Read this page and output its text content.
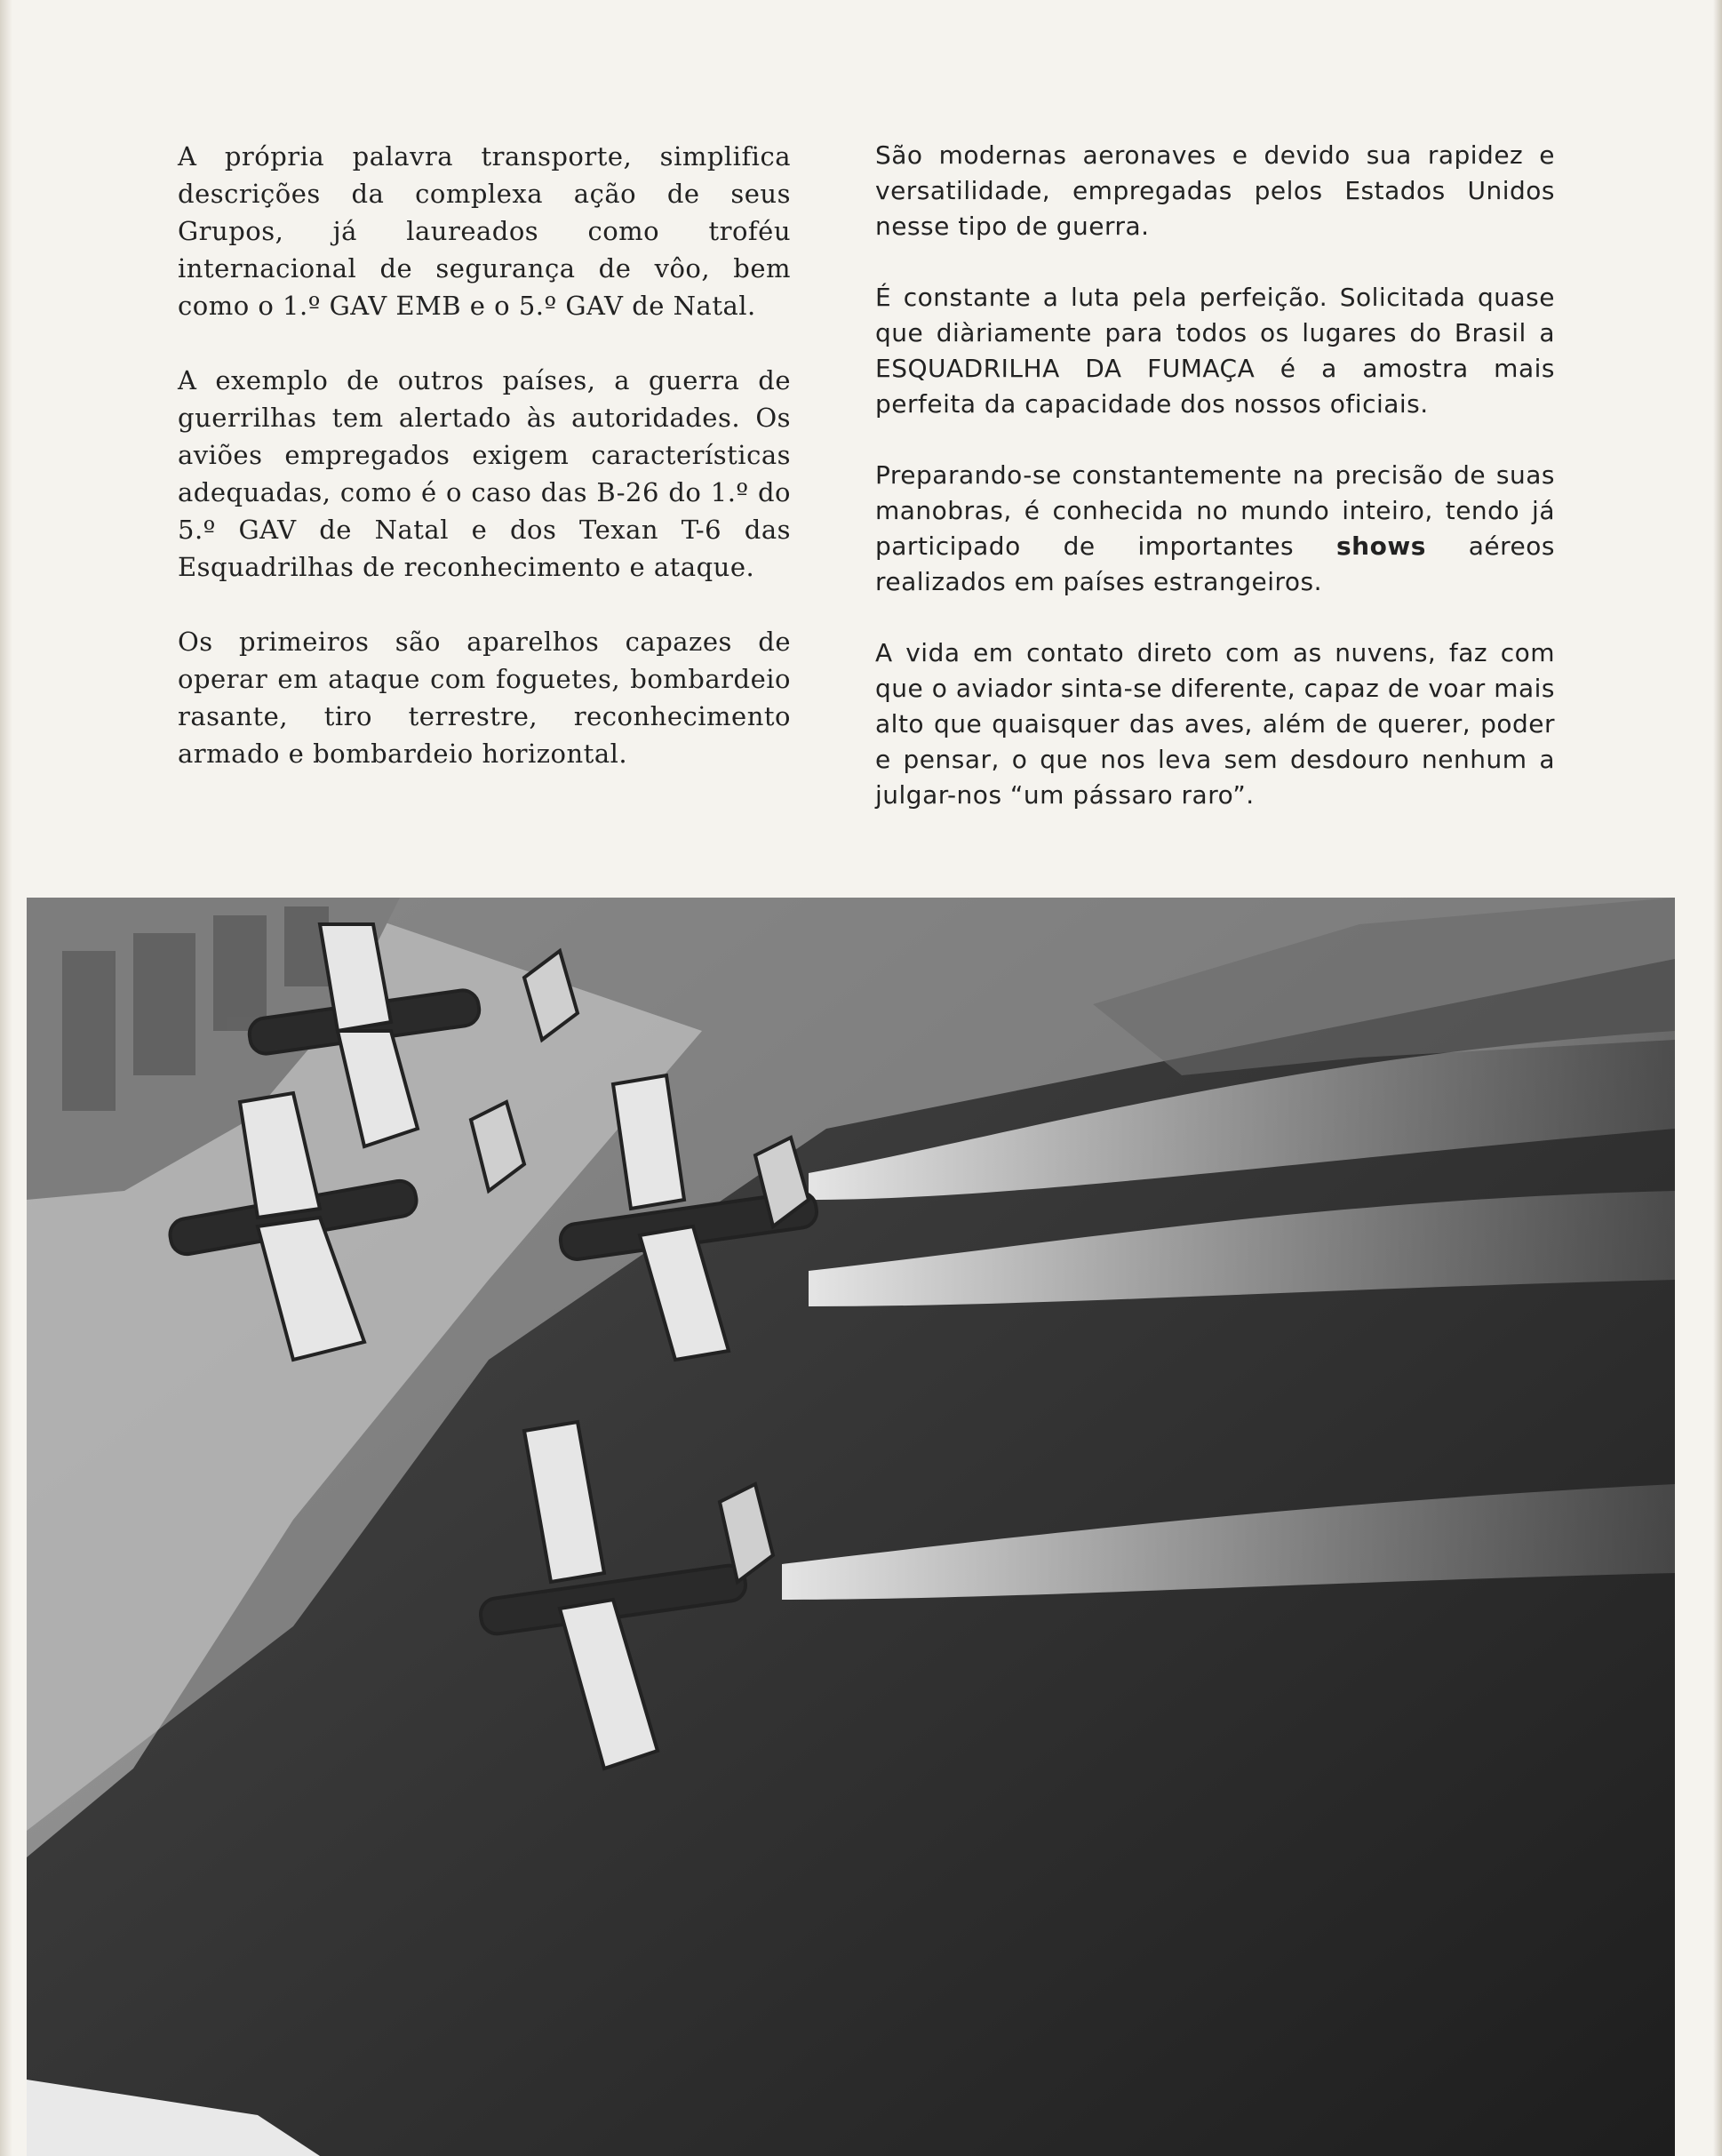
A própria palavra transporte, simplifica descrições da complexa ação de seus Grupos, já laureados como troféu internacional de segurança de vôo, bem como o 1.º GAV EMB e o 5.º GAV de Natal.

A exemplo de outros países, a guerra de guerrilhas tem alertado às autoridades. Os aviões empregados exigem características adequadas, como é o caso das B-26 do 1.º do 5.º GAV de Natal e dos Texan T-6 das Esquadrilhas de reconhecimento e ataque.

Os primeiros são aparelhos capazes de operar em ataque com foguetes, bombardeio rasante, tiro terrestre, reconhecimento armado e bombardeio horizontal.

São modernas aeronaves e devido sua rapidez e versatilidade, empregadas pelos Estados Unidos nesse tipo de guerra.

É constante a luta pela perfeição. Solicitada quase que diàriamente para todos os lugares do Brasil a ESQUADRILHA DA FUMAÇA é a amostra mais perfeita da capacidade dos nossos oficiais.

Preparando-se constantemente na precisão de suas manobras, é conhecida no mundo inteiro, tendo já participado de importantes shows aéreos realizados em países estrangeiros.

A vida em contato direto com as nuvens, faz com que o aviador sinta-se diferente, capaz de voar mais alto que quaisquer das aves, além de querer, poder e pensar, o que nos leva sem desdouro nenhum a julgar-nos “um pássaro raro”.
